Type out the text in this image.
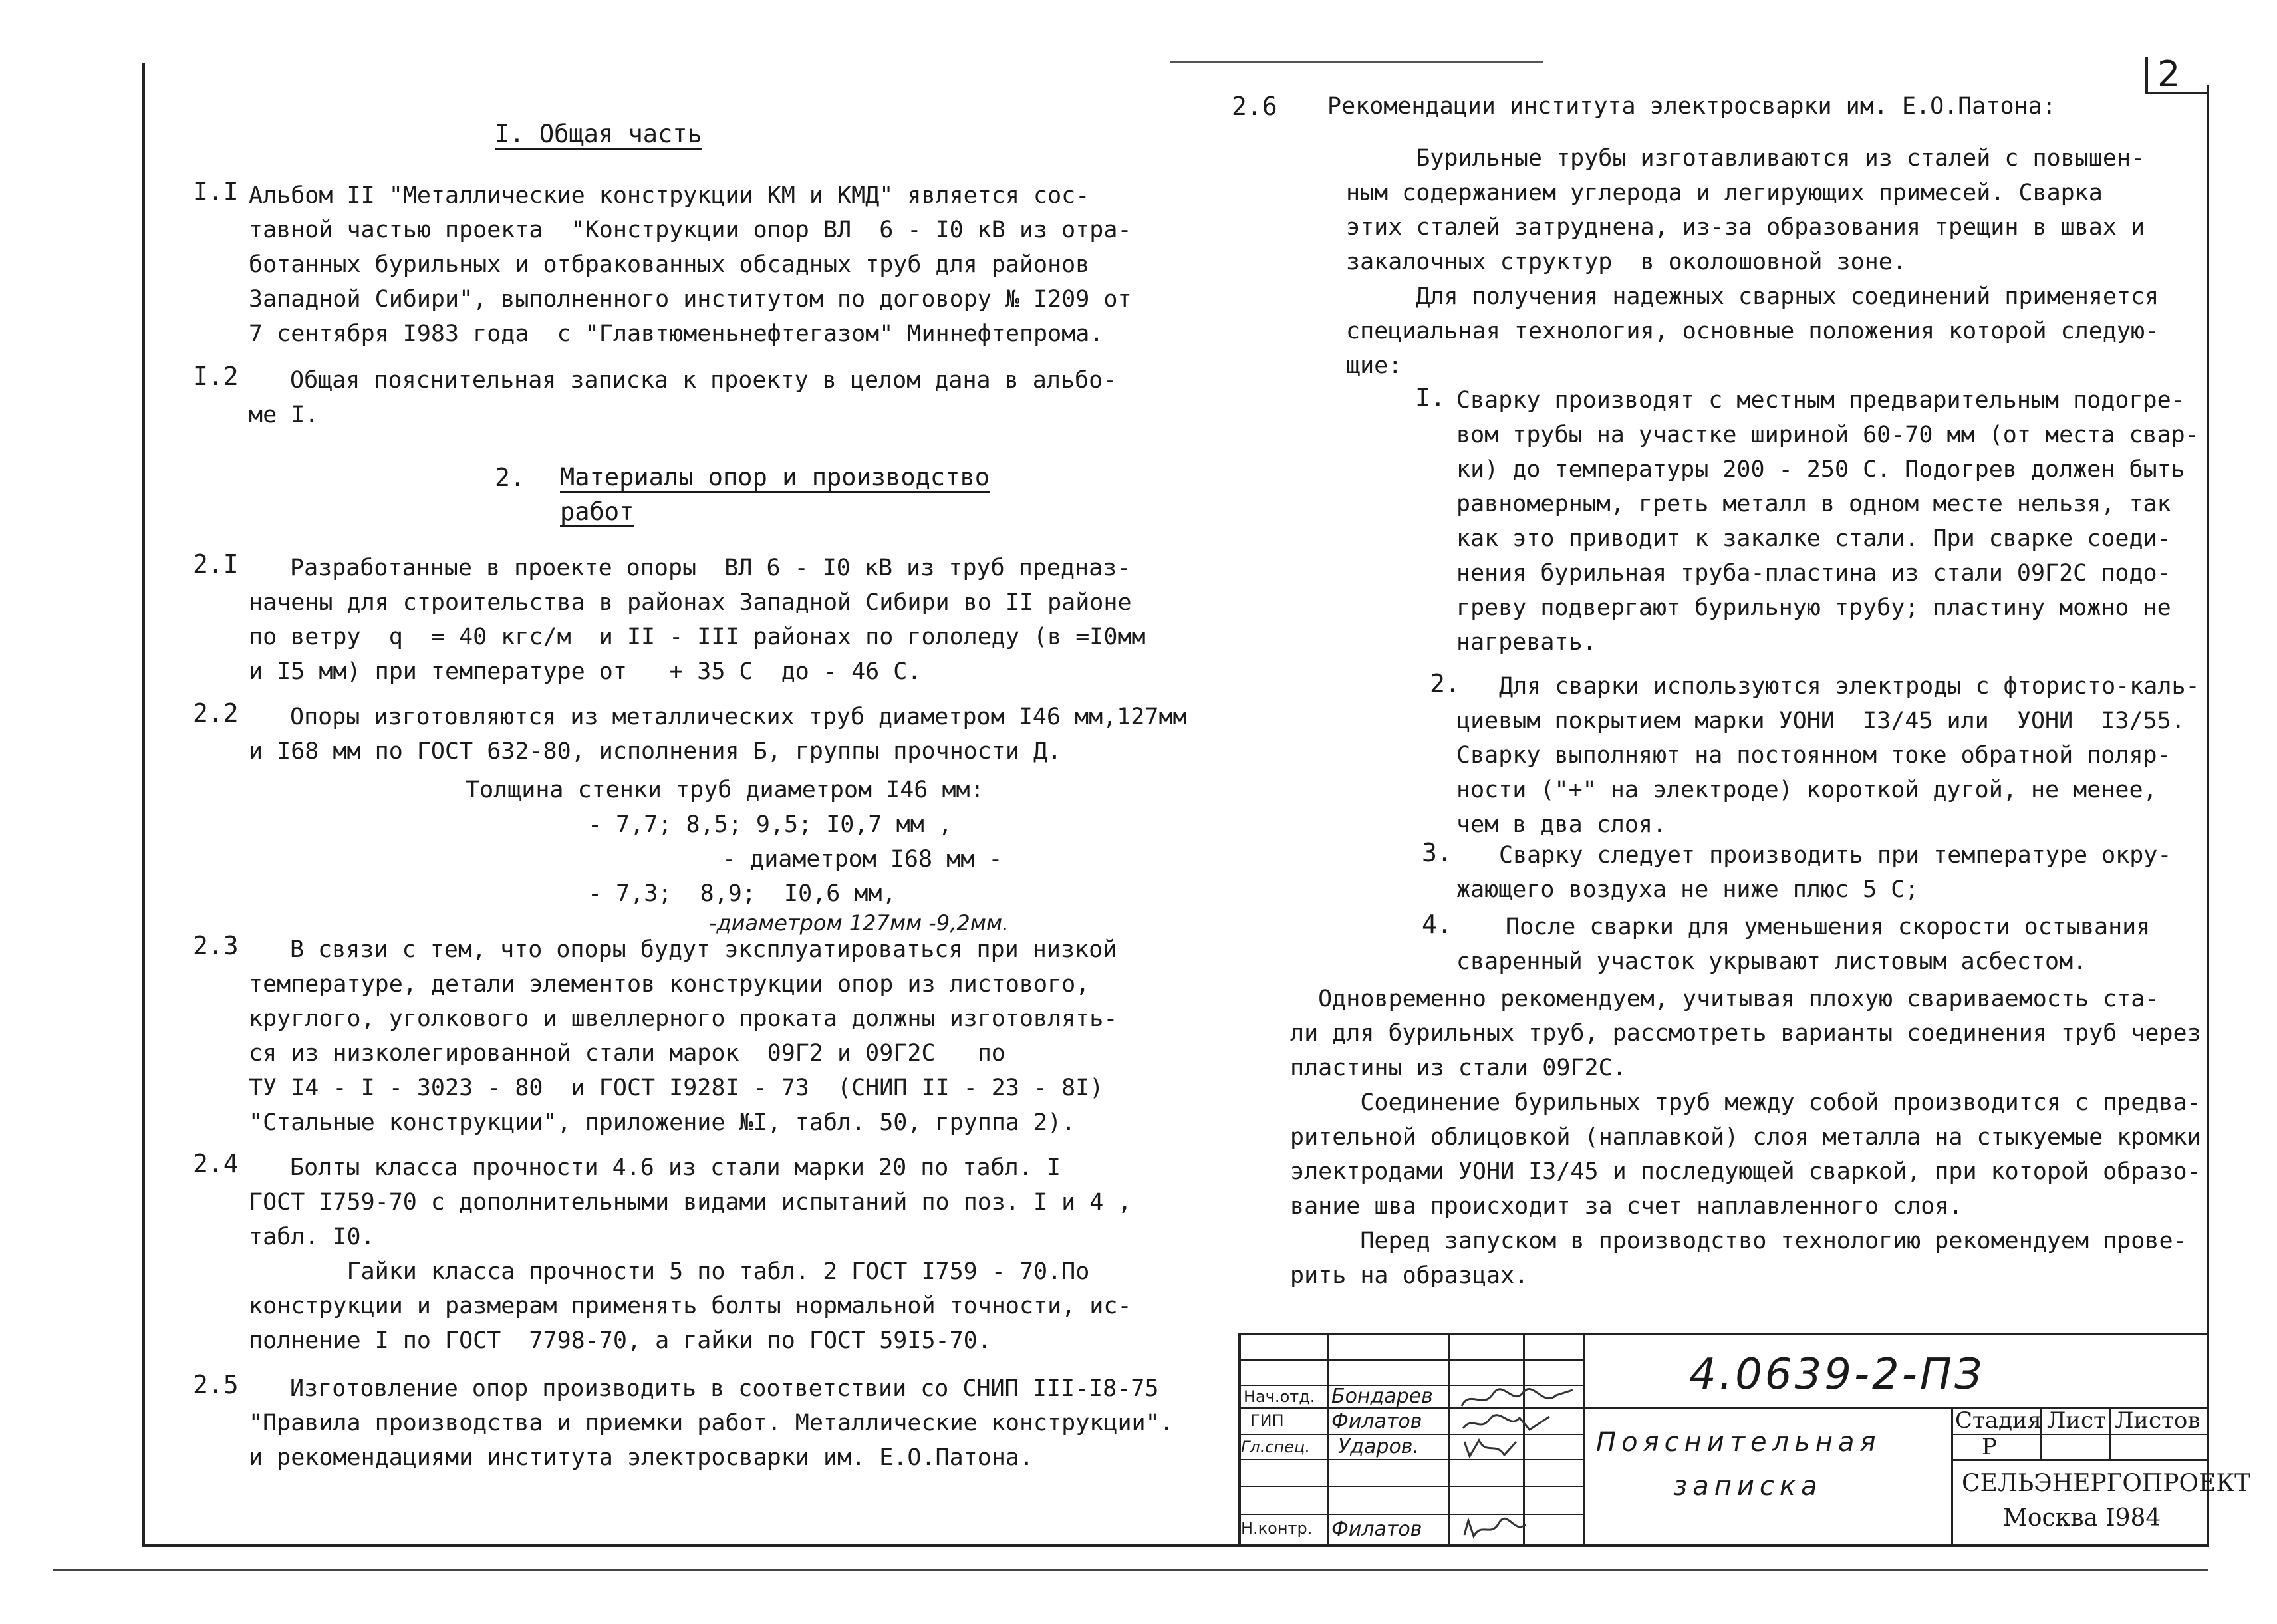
2
I. Общая часть
I.I Альбом II "Металлические конструкции КМ и КМД" является сос-
тавной частью проекта  "Конструкции опор ВЛ  6 - I0 кВ из отра-
ботанных бурильных и отбракованных обсадных труб для районов
Западной Сибири", выполненного институтом по договору № I209 от
7 сентября I983 года  с "Главтюменьнефтегазом" Миннефтепрома.
I.2 Общая пояснительная записка к проекту в целом дана в альбо-
ме I.
2. Материалы опор и производство
работ
2.I Разработанные в проекте опоры  ВЛ 6 - I0 кВ из труб предназ-
начены для строительства в районах Западной Сибири во II районе
по ветру  q  = 40 кгс/м  и II - III районах по гололеду (в =I0мм
и I5 мм) при температуре от   + 35 С  до - 46 С.
2.2 Опоры изготовляются из металлических труб диаметром I46 мм,127мм
и I68 мм по ГОСТ 632-80, исполнения Б, группы прочности Д.
Толщина стенки труб диаметром I46 мм:
- 7,7; 8,5; 9,5; I0,7 мм ,
- диаметром I68 мм -
- 7,3;  8,9;  I0,6 мм,
-диаметром 127мм -9,2мм.
2.3 В связи с тем, что опоры будут эксплуатироваться при низкой
температуре, детали элементов конструкции опор из листового,
круглого, уголкового и швеллерного проката должны изготовлять-
ся из низколегированной стали марок  09Г2 и 09Г2С   по
ТУ I4 - I - 3023 - 80  и ГОСТ I928I - 73  (СНИП II - 23 - 8I)
"Стальные конструкции", приложение №I, табл. 50, группа 2).
2.4 Болты класса прочности 4.6 из стали марки 20 по табл. I
ГОСТ I759-70 с дополнительными видами испытаний по поз. I и 4 ,
табл. I0.
Гайки класса прочности 5 по табл. 2 ГОСТ I759 - 70.По
конструкции и размерам применять болты нормальной точности, ис-
полнение I по ГОСТ  7798-70, а гайки по ГОСТ 59I5-70.
2.5 Изготовление опор производить в соответствии со СНИП III-I8-75
"Правила производства и приемки работ. Металлические конструкции".
и рекомендациями института электросварки им. Е.О.Патона.
2.6 Рекомендации института электросварки им. Е.О.Патона:
Бурильные трубы изготавливаются из сталей с повышен-
ным содержанием углерода и легирующих примесей. Сварка
этих сталей затруднена, из-за образования трещин в швах и
закалочных структур  в околошовной зоне.
Для получения надежных сварных соединений применяется
специальная технология, основные положения которой следую-
щие:
I. Сварку производят с местным предварительным подогре-
вом трубы на участке шириной 60-70 мм (от места свар-
ки) до температуры 200 - 250 С. Подогрев должен быть
равномерным, греть металл в одном месте нельзя, так
как это приводит к закалке стали. При сварке соеди-
нения бурильная труба-пластина из стали 09Г2С подо-
греву подвергают бурильную трубу; пластину можно не
нагревать.
2. Для сварки используются электроды с фтористо-каль-
циевым покрытием марки УОНИ  I3/45 или  УОНИ  I3/55.
Сварку выполняют на постоянном токе обратной поляр-
ности ("+" на электроде) короткой дугой, не менее,
чем в два слоя.
3. Сварку следует производить при температуре окру-
жающего воздуха не ниже плюс 5 С;
4. После сварки для уменьшения скорости остывания
сваренный участок укрывают листовым асбестом.
Одновременно рекомендуем, учитывая плохую свариваемость ста-
ли для бурильных труб, рассмотреть варианты соединения труб через
пластины из стали 09Г2С.
Соединение бурильных труб между собой производится с предва-
рительной облицовкой (наплавкой) слоя металла на стыкуемые кромки
электродами УОНИ I3/45 и последующей сваркой, при которой образо-
вание шва происходит за счет наплавленного слоя.
Перед запуском в производство технологию рекомендуем прове-
рить на образцах.
4.0639-2-ПЗ
Нач.отд. Бондарев
ГИП Филатов
Гл.спец. Ударов.
Н.контр. Филатов
Пояснительная
записка
Стадия Лист Листов
Р
СЕЛЬЭНЕРГОПРОЕКТ
Москва I984
